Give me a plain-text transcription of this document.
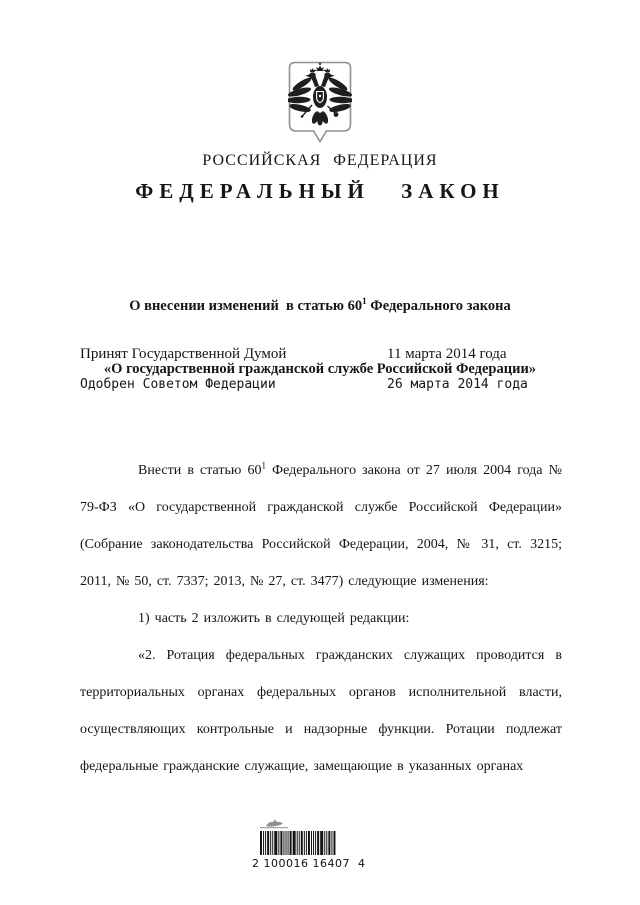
РОССИЙСКАЯ ФЕДЕРАЦИЯ
ФЕДЕРАЛЬНЫЙ ЗАКОН

О внесении изменений  в статью $60^1$ Федерального закона

«О государственной гражданской службе Российской Федерации»

Принят Государственной Думой	11 марта 2014 года
Одобрен Советом Федерации	26 марта 2014 года

Внести в статью $60^1$ Федерального закона от 27 июля 2004 года № 79-ФЗ «О государственной гражданской службе Российской Федерации» (Собрание законодательства Российской Федерации, 2004, № 31, ст. 3215; 2011, № 50, ст. 7337; 2013, № 27, ст. 3477) следующие изменения:

1) часть 2 изложить в следующей редакции:

«2. Ротация федеральных гражданских служащих проводится в территориальных органах федеральных органов исполнительной власти, осуществляющих контрольные и надзорные функции. Ротации подлежат федеральные гражданские служащие, замещающие в указанных органах

2 100016 16407  4
